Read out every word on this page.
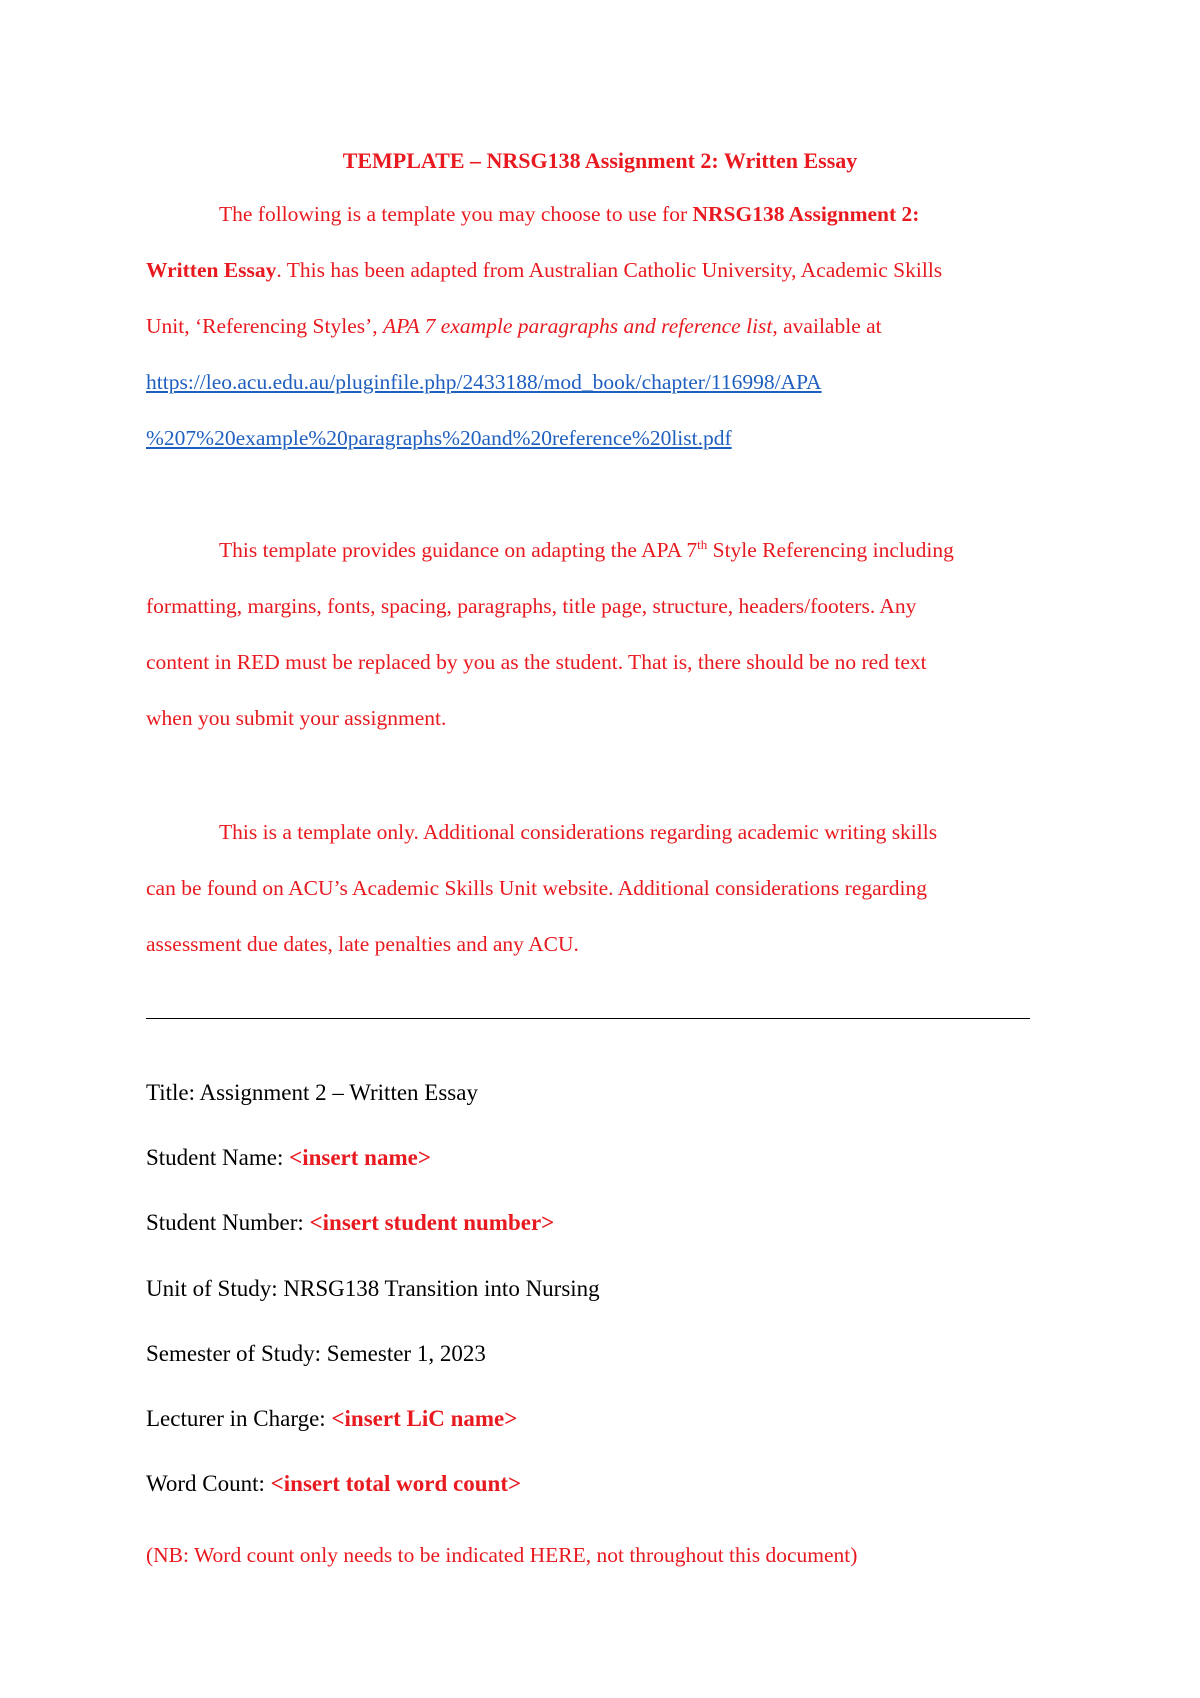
TEMPLATE – NRSG138 Assignment 2: Written Essay
The following is a template you may choose to use for NRSG138 Assignment 2:
Written Essay. This has been adapted from Australian Catholic University, Academic Skills
Unit, ‘Referencing Styles’, APA 7 example paragraphs and reference list, available at
https://leo.acu.edu.au/pluginfile.php/2433188/mod_book/chapter/116998/APA
%207%20example%20paragraphs%20and%20reference%20list.pdf
This template provides guidance on adapting the APA 7th Style Referencing including
formatting, margins, fonts, spacing, paragraphs, title page, structure, headers/footers. Any
content in RED must be replaced by you as the student. That is, there should be no red text
when you submit your assignment.
This is a template only. Additional considerations regarding academic writing skills
can be found on ACU’s Academic Skills Unit website. Additional considerations regarding
assessment due dates, late penalties and any ACU.
Title: Assignment 2 – Written Essay
Student Name: <insert name>
Student Number: <insert student number>
Unit of Study: NRSG138 Transition into Nursing
Semester of Study: Semester 1, 2023
Lecturer in Charge: <insert LiC name>
Word Count: <insert total word count>
(NB: Word count only needs to be indicated HERE, not throughout this document)
